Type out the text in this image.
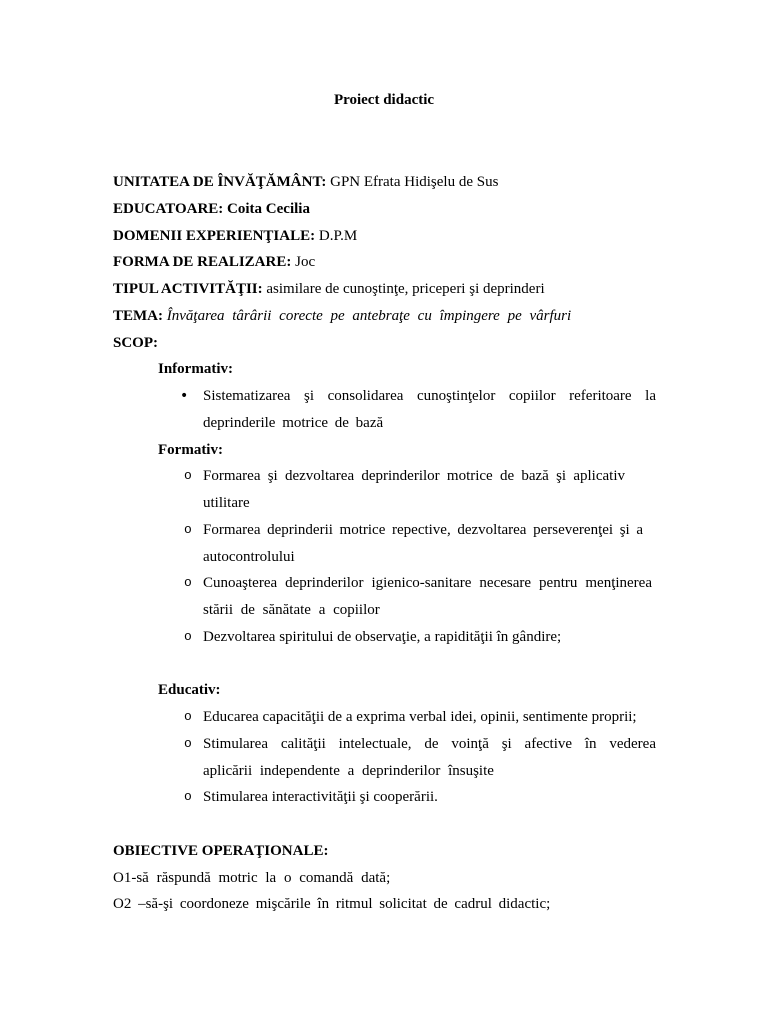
Proiect didactic
UNITATEA DE ÎNVĂŢĂMÂNT: GPN Efrata Hidişelu de Sus
EDUCATOARE: Coita Cecilia
DOMENII EXPERIENŢIALE: D.P.M
FORMA DE REALIZARE: Joc
TIPUL ACTIVITĂŢII: asimilare de cunoştinţe, priceperi şi deprinderi
TEMA: Învăţarea târârii corecte pe antebraţe cu împingere pe vârfuri
SCOP:
Informativ:
• Sistematizarea şi consolidarea cunoştinţelor copiilor referitoare la
deprinderile motrice de bază
Formativ:
o Formarea şi dezvoltarea deprinderilor motrice de bază şi aplicativ
utilitare
o Formarea deprinderii motrice repective, dezvoltarea perseverenţei şi a
autocontrolului
o Cunoaşterea deprinderilor igienico-sanitare necesare pentru menţinerea
stării de sănătate a copiilor
o Dezvoltarea spiritului de observaţie, a rapidităţii în gândire;
Educativ:
o Educarea capacităţii de a exprima verbal idei, opinii, sentimente proprii;
o Stimularea calităţii intelectuale, de voinţă şi afective în vederea
aplicării independente a deprinderilor însuşite
o Stimularea interactivităţii şi cooperării.
OBIECTIVE OPERAŢIONALE:
O1-să răspundă motric la o comandă dată;
O2 –să-şi coordoneze mişcările în ritmul solicitat de cadrul didactic;
